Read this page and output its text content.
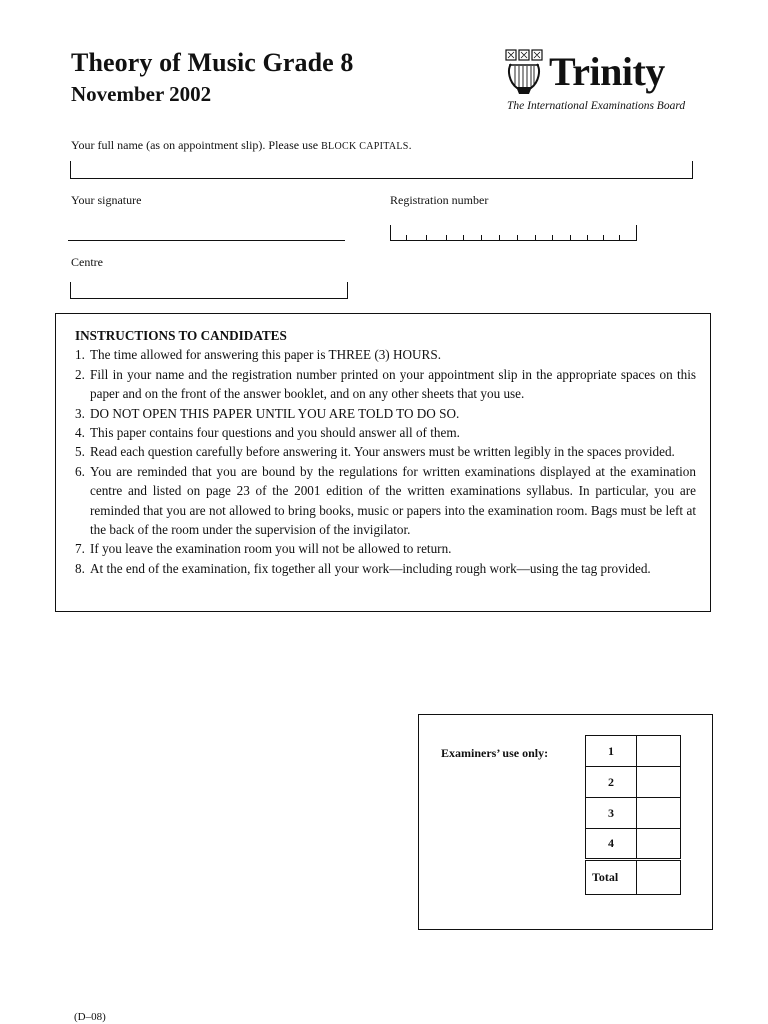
Theory of Music Grade 8
November 2002	Trinity
The International Examinations Board
Your full name (as on appointment slip). Please use BLOCK CAPITALS.
Your signature	Registration number
Centre
INSTRUCTIONS TO CANDIDATES
1. The time allowed for answering this paper is THREE (3) HOURS.
2. Fill in your name and the registration number printed on your appointment slip in the appropriate spaces on this paper and on the front of the answer booklet, and on any other sheets that you use.
3. DO NOT OPEN THIS PAPER UNTIL YOU ARE TOLD TO DO SO.
4. This paper contains four questions and you should answer all of them.
5. Read each question carefully before answering it. Your answers must be written legibly in the spaces provided.
6. You are reminded that you are bound by the regulations for written examinations displayed at the examination centre and listed on page 23 of the 2001 edition of the written examinations syllabus. In particular, you are reminded that you are not allowed to bring books, music or papers into the examination room. Bags must be left at the back of the room under the supervision of the invigilator.
7. If you leave the examination room you will not be allowed to return.
8. At the end of the examination, fix together all your work—including rough work—using the tag provided.
Examiners’ use only:	1	
2	
3	
4	
Total	
(D–08)
